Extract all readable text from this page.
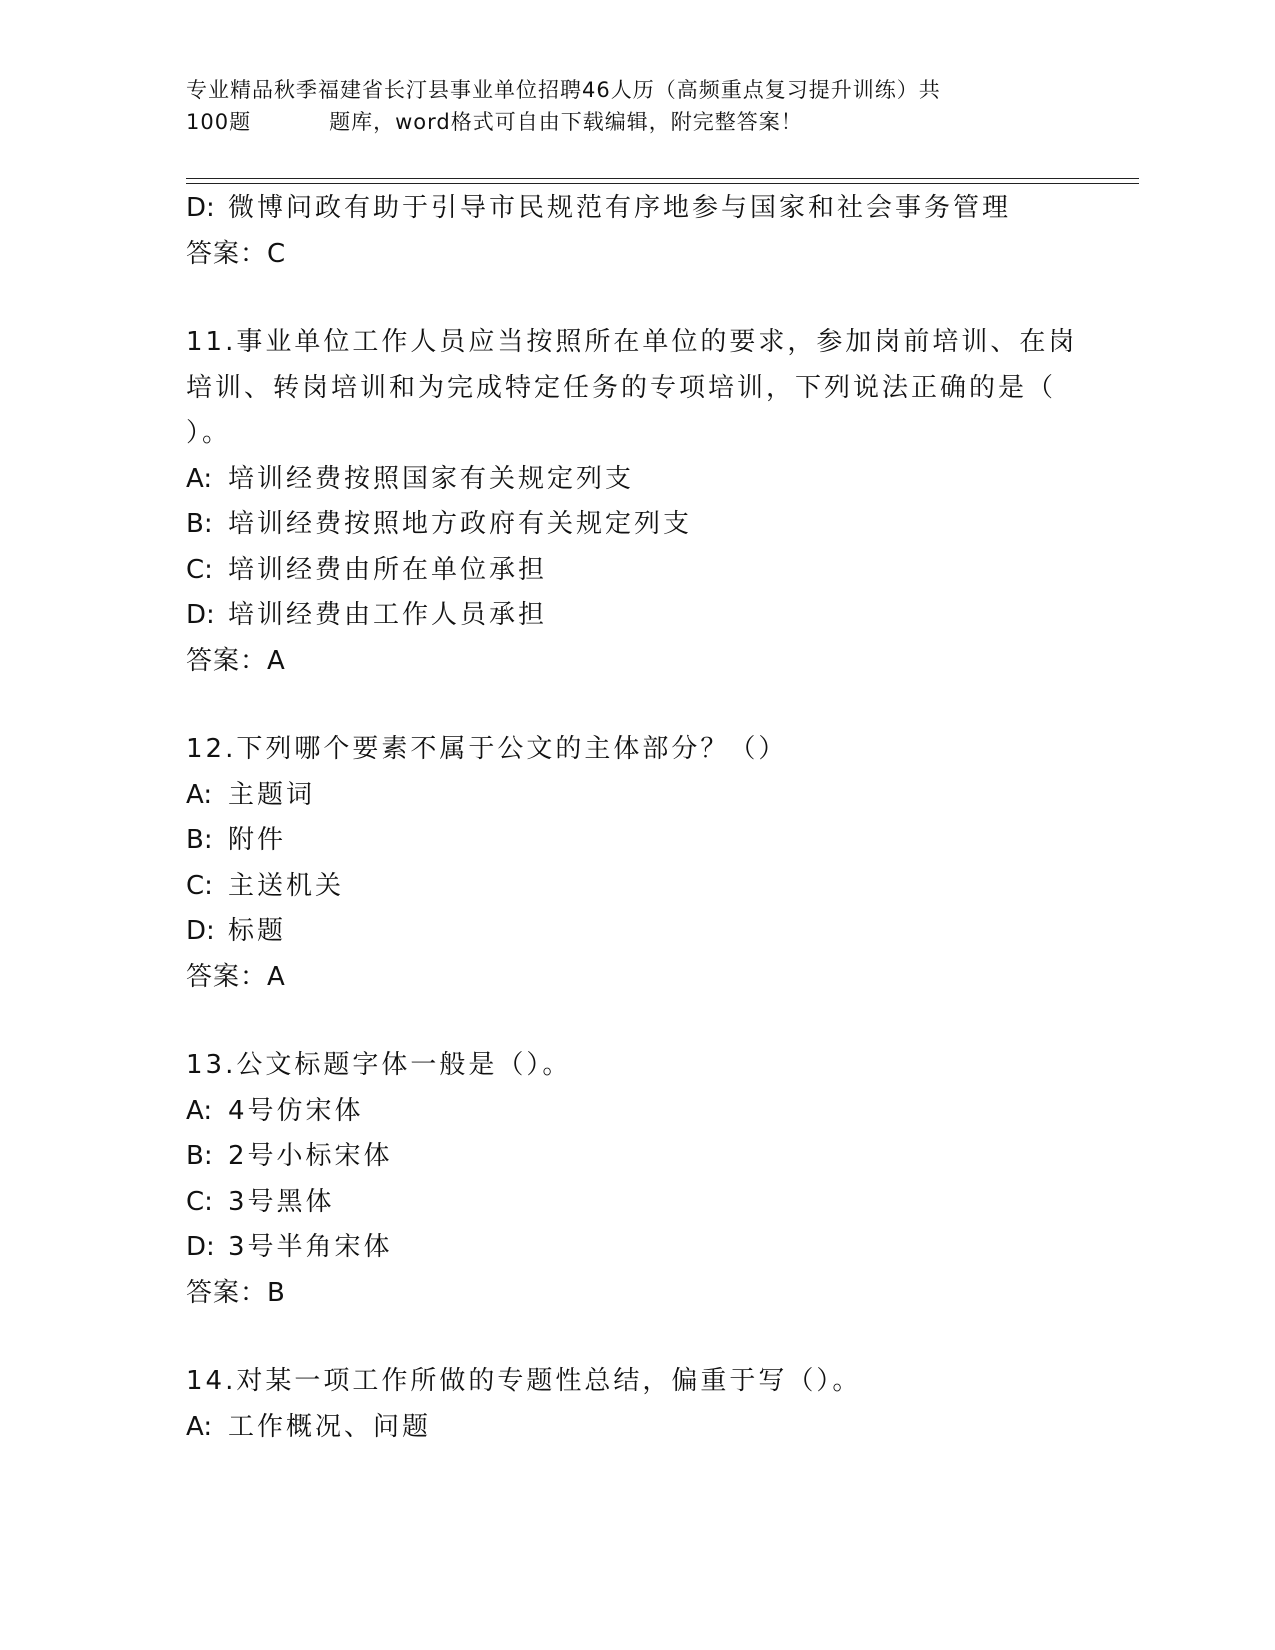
专业精品秋季福建省长汀县事业单位招聘46人历（高频重点复习提升训练）共
100题	题库，word格式可自由下载编辑，附完整答案！
D: 微博问政有助于引导市民规范有序地参与国家和社会事务管理
答案：C
11.事业单位工作人员应当按照所在单位的要求，参加岗前培训、在岗
培训、转岗培训和为完成特定任务的专项培训，下列说法正确的是（
）。
A: 培训经费按照国家有关规定列支
B: 培训经费按照地方政府有关规定列支
C: 培训经费由所在单位承担
D: 培训经费由工作人员承担
答案：A
12.下列哪个要素不属于公文的主体部分？（）
A: 主题词
B: 附件
C: 主送机关
D: 标题
答案：A
13.公文标题字体一般是（）。
A: 4号仿宋体
B: 2号小标宋体
C: 3号黑体
D: 3号半角宋体
答案：B
14.对某一项工作所做的专题性总结，偏重于写（）。
A: 工作概况、问题
